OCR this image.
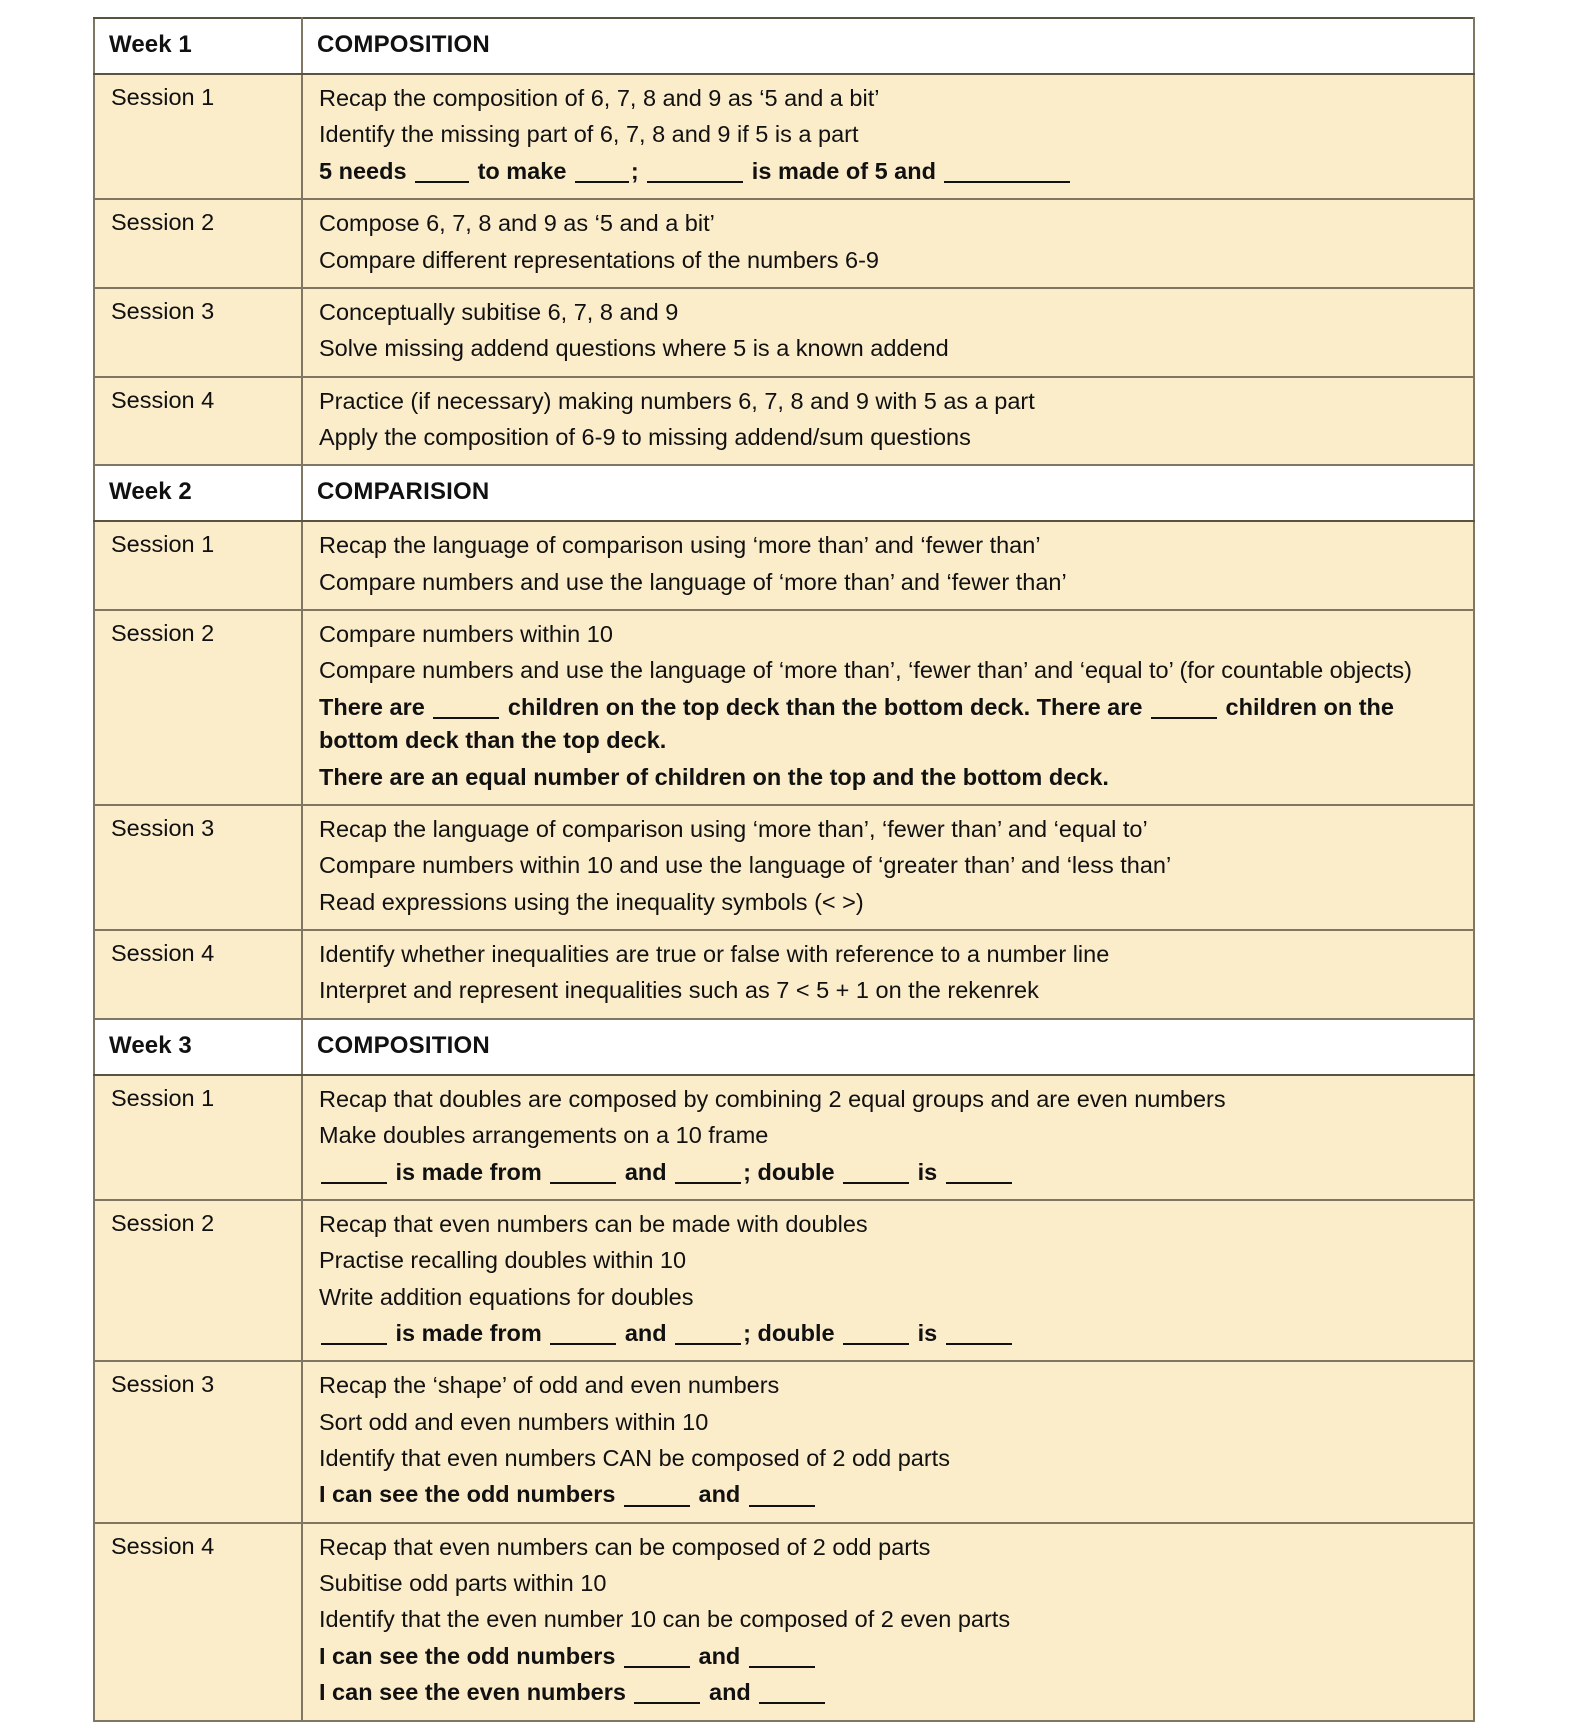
Week 1	COMPOSITION
Session 1	Recap the composition of 6, 7, 8 and 9 as ‘5 and a bit’
Identify the missing part of 6, 7, 8 and 9 if 5 is a part
5 needs  to make ; is made of 5 and

Session 2	Compose 6, 7, 8 and 9 as ‘5 and a bit’
Compare different representations of the numbers 6-9

Session 3	Conceptually subitise 6, 7, 8 and 9
Solve missing addend questions where 5 is a known addend

Session 4	Practice (if necessary) making numbers 6, 7, 8 and 9 with 5 as a part
Apply the composition of 6-9 to missing addend/sum questions

Week 2	COMPARISION
Session 1	Recap the language of comparison using ‘more than’ and ‘fewer than’
Compare numbers and use the language of ‘more than’ and ‘fewer than’

Session 2	Compare numbers within 10
Compare numbers and use the language of ‘more than’, ‘fewer than’ and ‘equal to’ (for countable objects)
There are children on the top deck than the bottom deck. There are children on the bottom deck than the top deck.
There are an equal number of children on the top and the bottom deck.

Session 3	Recap the language of comparison using ‘more than’, ‘fewer than’ and ‘equal to’
Compare numbers within 10 and use the language of ‘greater than’ and ‘less than’
Read expressions using the inequality symbols (< >)

Session 4	Identify whether inequalities are true or false with reference to a number line
Interpret and represent inequalities such as 7 < 5 + 1 on the rekenrek

Week 3	COMPOSITION
Session 1	Recap that doubles are composed by combining 2 equal groups and are even numbers
Make doubles arrangements on a 10 frame
is made from and ; double is

Session 2	Recap that even numbers can be made with doubles
Practise recalling doubles within 10
Write addition equations for doubles
is made from and ; double is

Session 3	Recap the ‘shape’ of odd and even numbers
Sort odd and even numbers within 10
Identify that even numbers CAN be composed of 2 odd parts
I can see the odd numbers and

Session 4	Recap that even numbers can be composed of 2 odd parts
Subitise odd parts within 10
Identify that the even number 10 can be composed of 2 even parts
I can see the odd numbers and
I can see the even numbers and
